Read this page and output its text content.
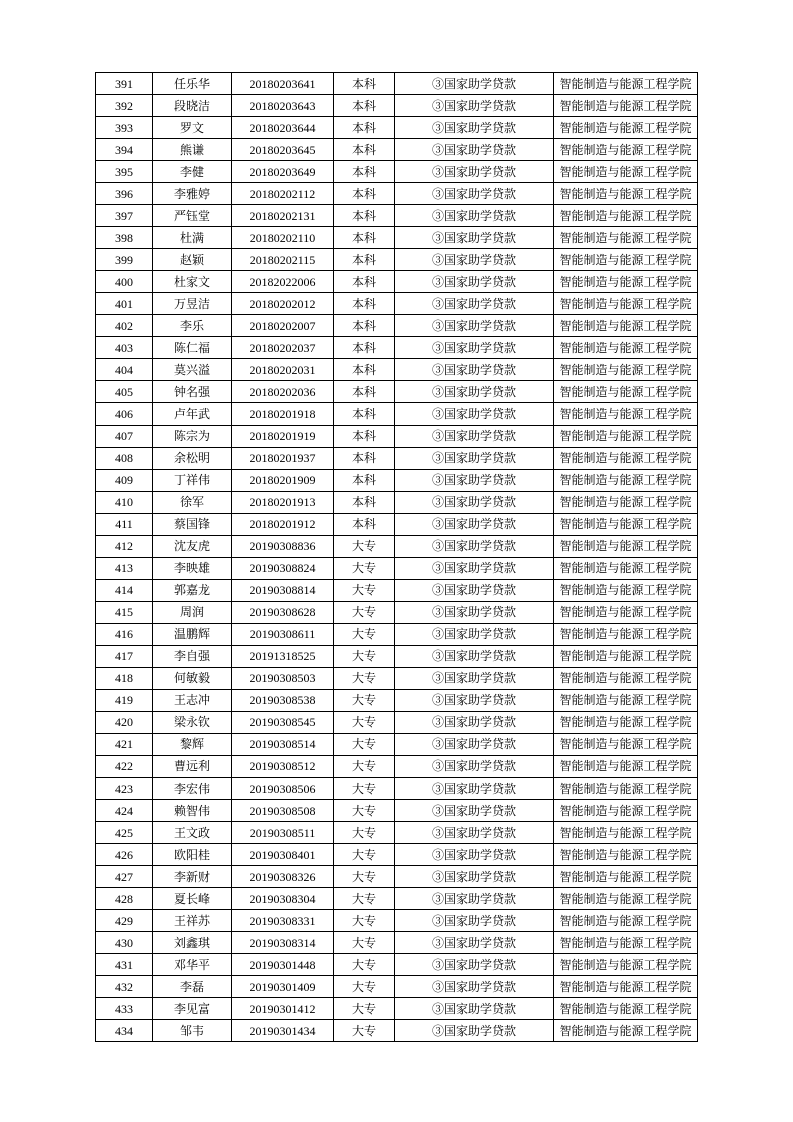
391	任乐华	20180203641	本科	③国家助学贷款	智能制造与能源工程学院
392	段晓洁	20180203643	本科	③国家助学贷款	智能制造与能源工程学院
393	罗文	20180203644	本科	③国家助学贷款	智能制造与能源工程学院
394	熊谦	20180203645	本科	③国家助学贷款	智能制造与能源工程学院
395	李健	20180203649	本科	③国家助学贷款	智能制造与能源工程学院
396	李雅婷	20180202112	本科	③国家助学贷款	智能制造与能源工程学院
397	严钰堂	20180202131	本科	③国家助学贷款	智能制造与能源工程学院
398	杜满	20180202110	本科	③国家助学贷款	智能制造与能源工程学院
399	赵颖	20180202115	本科	③国家助学贷款	智能制造与能源工程学院
400	杜家文	20182022006	本科	③国家助学贷款	智能制造与能源工程学院
401	万昱洁	20180202012	本科	③国家助学贷款	智能制造与能源工程学院
402	李乐	20180202007	本科	③国家助学贷款	智能制造与能源工程学院
403	陈仁福	20180202037	本科	③国家助学贷款	智能制造与能源工程学院
404	莫兴溢	20180202031	本科	③国家助学贷款	智能制造与能源工程学院
405	钟名强	20180202036	本科	③国家助学贷款	智能制造与能源工程学院
406	卢年武	20180201918	本科	③国家助学贷款	智能制造与能源工程学院
407	陈宗为	20180201919	本科	③国家助学贷款	智能制造与能源工程学院
408	余松明	20180201937	本科	③国家助学贷款	智能制造与能源工程学院
409	丁祥伟	20180201909	本科	③国家助学贷款	智能制造与能源工程学院
410	徐军	20180201913	本科	③国家助学贷款	智能制造与能源工程学院
411	蔡国锋	20180201912	本科	③国家助学贷款	智能制造与能源工程学院
412	沈友虎	20190308836	大专	③国家助学贷款	智能制造与能源工程学院
413	李映雄	20190308824	大专	③国家助学贷款	智能制造与能源工程学院
414	郭嘉龙	20190308814	大专	③国家助学贷款	智能制造与能源工程学院
415	周润	20190308628	大专	③国家助学贷款	智能制造与能源工程学院
416	温鹏辉	20190308611	大专	③国家助学贷款	智能制造与能源工程学院
417	李自强	20191318525	大专	③国家助学贷款	智能制造与能源工程学院
418	何敏毅	20190308503	大专	③国家助学贷款	智能制造与能源工程学院
419	王志冲	20190308538	大专	③国家助学贷款	智能制造与能源工程学院
420	梁永钦	20190308545	大专	③国家助学贷款	智能制造与能源工程学院
421	黎辉	20190308514	大专	③国家助学贷款	智能制造与能源工程学院
422	曹远利	20190308512	大专	③国家助学贷款	智能制造与能源工程学院
423	李宏伟	20190308506	大专	③国家助学贷款	智能制造与能源工程学院
424	赖智伟	20190308508	大专	③国家助学贷款	智能制造与能源工程学院
425	王文政	20190308511	大专	③国家助学贷款	智能制造与能源工程学院
426	欧阳桂	20190308401	大专	③国家助学贷款	智能制造与能源工程学院
427	李新财	20190308326	大专	③国家助学贷款	智能制造与能源工程学院
428	夏长峰	20190308304	大专	③国家助学贷款	智能制造与能源工程学院
429	王祥苏	20190308331	大专	③国家助学贷款	智能制造与能源工程学院
430	刘鑫琪	20190308314	大专	③国家助学贷款	智能制造与能源工程学院
431	邓华平	20190301448	大专	③国家助学贷款	智能制造与能源工程学院
432	李磊	20190301409	大专	③国家助学贷款	智能制造与能源工程学院
433	李见富	20190301412	大专	③国家助学贷款	智能制造与能源工程学院
434	邹韦	20190301434	大专	③国家助学贷款	智能制造与能源工程学院
